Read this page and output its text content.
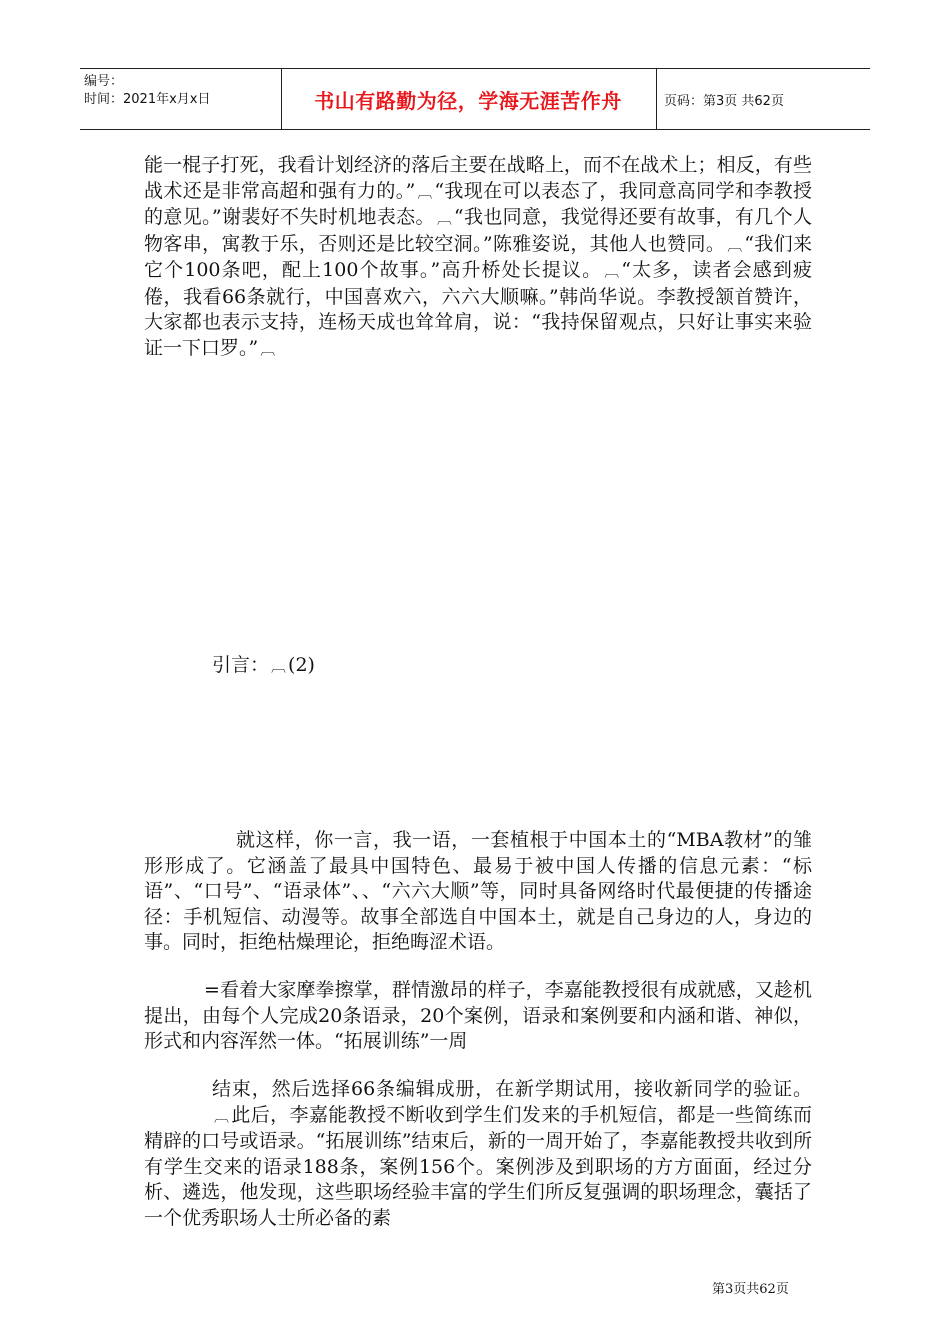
编号：
时间：2021年x月x日	书山有路勤为径，学海无涯苦作舟	页码：第3页 共62页

能一棍子打死，我看计划经济的落后主要在战略上，而不在战术上；相反，有些战术还是非常高超和强有力的。” ︹ “我现在可以表态了，我同意高同学和李教授的意见。”谢裴好不失时机地表态。 ︹ “我也同意，我觉得还要有故事，有几个人物客串，寓教于乐，否则还是比较空洞。”陈雅姿说，其他人也赞同。 ︹ “我们来它个100条吧，配上100个故事。”高升桥处长提议。 ︹ “太多，读者会感到疲倦，我看66条就行，中国喜欢六，六六大顺嘛。”韩尚华说。李教授颔首赞许，大家都也表示支持，连杨天成也耸耸肩，说：“我持保留观点，只好让事实来验证一下口罗。” ︹

引言： ︹ (2)

就这样，你一言，我一语，一套植根于中国本土的“MBA教材”的雏形形成了。它涵盖了最具中国特色、最易于被中国人传播的信息元素：“标语”、“口号”、“语录体”、、“六六大顺”等，同时具备网络时代最便捷的传播途径：手机短信、动漫等。故事全部选自中国本土，就是自己身边的人，身边的事。同时，拒绝枯燥理论，拒绝晦涩术语。

=看着大家摩拳擦掌，群情激昂的样子，李嘉能教授很有成就感，又趁机提出，由每个人完成20条语录，20个案例，语录和案例要和内涵和谐、神似，形式和内容浑然一体。“拓展训练”一周

结束，然后选择66条编辑成册，在新学期试用，接收新同学的验证。︹ 此后，李嘉能教授不断收到学生们发来的手机短信，都是一些简练而精辟的口号或语录。“拓展训练”结束后，新的一周开始了，李嘉能教授共收到所有学生交来的语录188条，案例156个。案例涉及到职场的方方面面，经过分析、遴选，他发现，这些职场经验丰富的学生们所反复强调的职场理念，囊括了一个优秀职场人士所必备的素

第3页共62页
